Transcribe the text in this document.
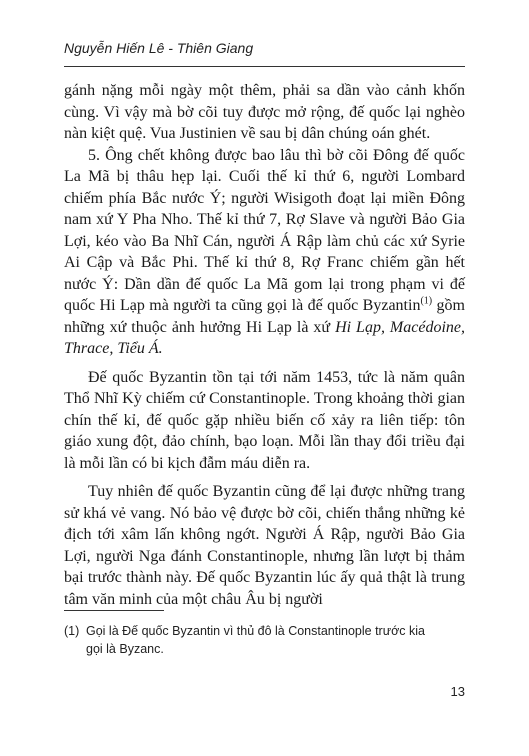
Nguyễn Hiến Lê - Thiên Giang

gánh nặng mỗi ngày một thêm, phải sa dần vào cảnh khốn cùng. Vì vậy mà bờ cõi tuy được mở rộng, đế quốc lại nghèo nàn kiệt quệ. Vua Justinien về sau bị dân chúng oán ghét.

5. Ông chết không được bao lâu thì bờ cõi Đông đế quốc La Mã bị thâu hẹp lại. Cuối thế kỉ thứ 6, người Lombard chiếm phía Bắc nước Ý; người Wisigoth đoạt lại miền Đông nam xứ Y Pha Nho. Thế kỉ thứ 7, Rợ Slave và người Bảo Gia Lợi, kéo vào Ba Nhĩ Cán, người Á Rập làm chủ các xứ Syrie Ai Cập và Bắc Phi. Thế kỉ thứ 8, Rợ Franc chiếm gần hết nước Ý: Dần dần đế quốc La Mã gom lại trong phạm vi đế quốc Hi Lạp mà người ta cũng gọi là đế quốc Byzantin$^{(1)}$ gồm những xứ thuộc ảnh hưởng Hi Lạp là xứ Hi Lạp, Macédoine, Thrace, Tiểu Á.

Đế quốc Byzantin tồn tại tới năm 1453, tức là năm quân Thổ Nhĩ Kỳ chiếm cứ Constantinople. Trong khoảng thời gian chín thế kỉ, đế quốc gặp nhiều biến cố xảy ra liên tiếp: tôn giáo xung đột, đảo chính, bạo loạn. Mỗi lần thay đổi triều đại là mỗi lần có bi kịch đẫm máu diễn ra.

Tuy nhiên đế quốc Byzantin cũng để lại được những trang sử khá vẻ vang. Nó bảo vệ được bờ cõi, chiến thắng những kẻ địch tới xâm lấn không ngớt. Người Á Rập, người Bảo Gia Lợi, người Nga đánh Constantinople, nhưng lần lượt bị thảm bại trước thành này. Đế quốc Byzantin lúc ấy quả thật là trung tâm văn minh của một châu Âu bị người

(1) Gọi là Đế quốc Byzantin vì thủ đô là Constantinople trước kia
gọi là Byzanc.
13
